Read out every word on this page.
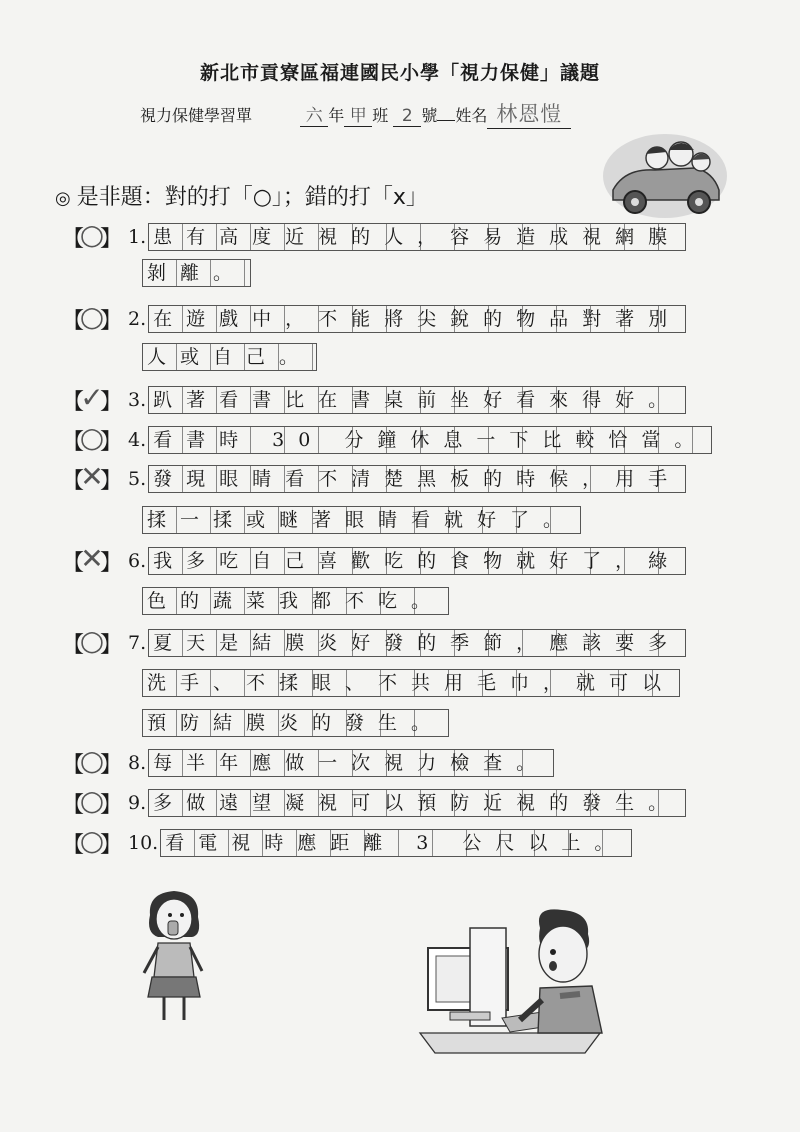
新北市貢寮區福連國民小學「視力保健」議題
視力保健學習單	六 年 甲 班 2 號 姓名 林恩愷
◎ 是非題：對的打「○」；錯的打「x」
【
○
】 1. 患有高度近視的人，容易造成視網膜
剝離。
【
○
】 2. 在遊戲中，不能將尖銳的物品對著別
人或自己。
【
✓
】 3. 趴著看書比在書桌前坐好看來得好。
【
○
】 4. 看書時 30 分鐘休息一下比較恰當。
【
✕
】 5. 發現眼睛看不清楚黑板的時候，用手
揉一揉或瞇著眼睛看就好了。
【
✕
】 6. 我多吃自己喜歡吃的食物就好了，綠
色的蔬菜我都不吃。
【
○
】 7. 夏天是結膜炎好發的季節，應該要多
洗手、不揉眼、不共用毛巾，就可以
預防結膜炎的發生。
【
○
】 8. 每半年應做一次視力檢查。
【
○
】 9. 多做遠望凝視可以預防近視的發生。
【
○
】 10. 看電視時應距離 3 公尺以上。
